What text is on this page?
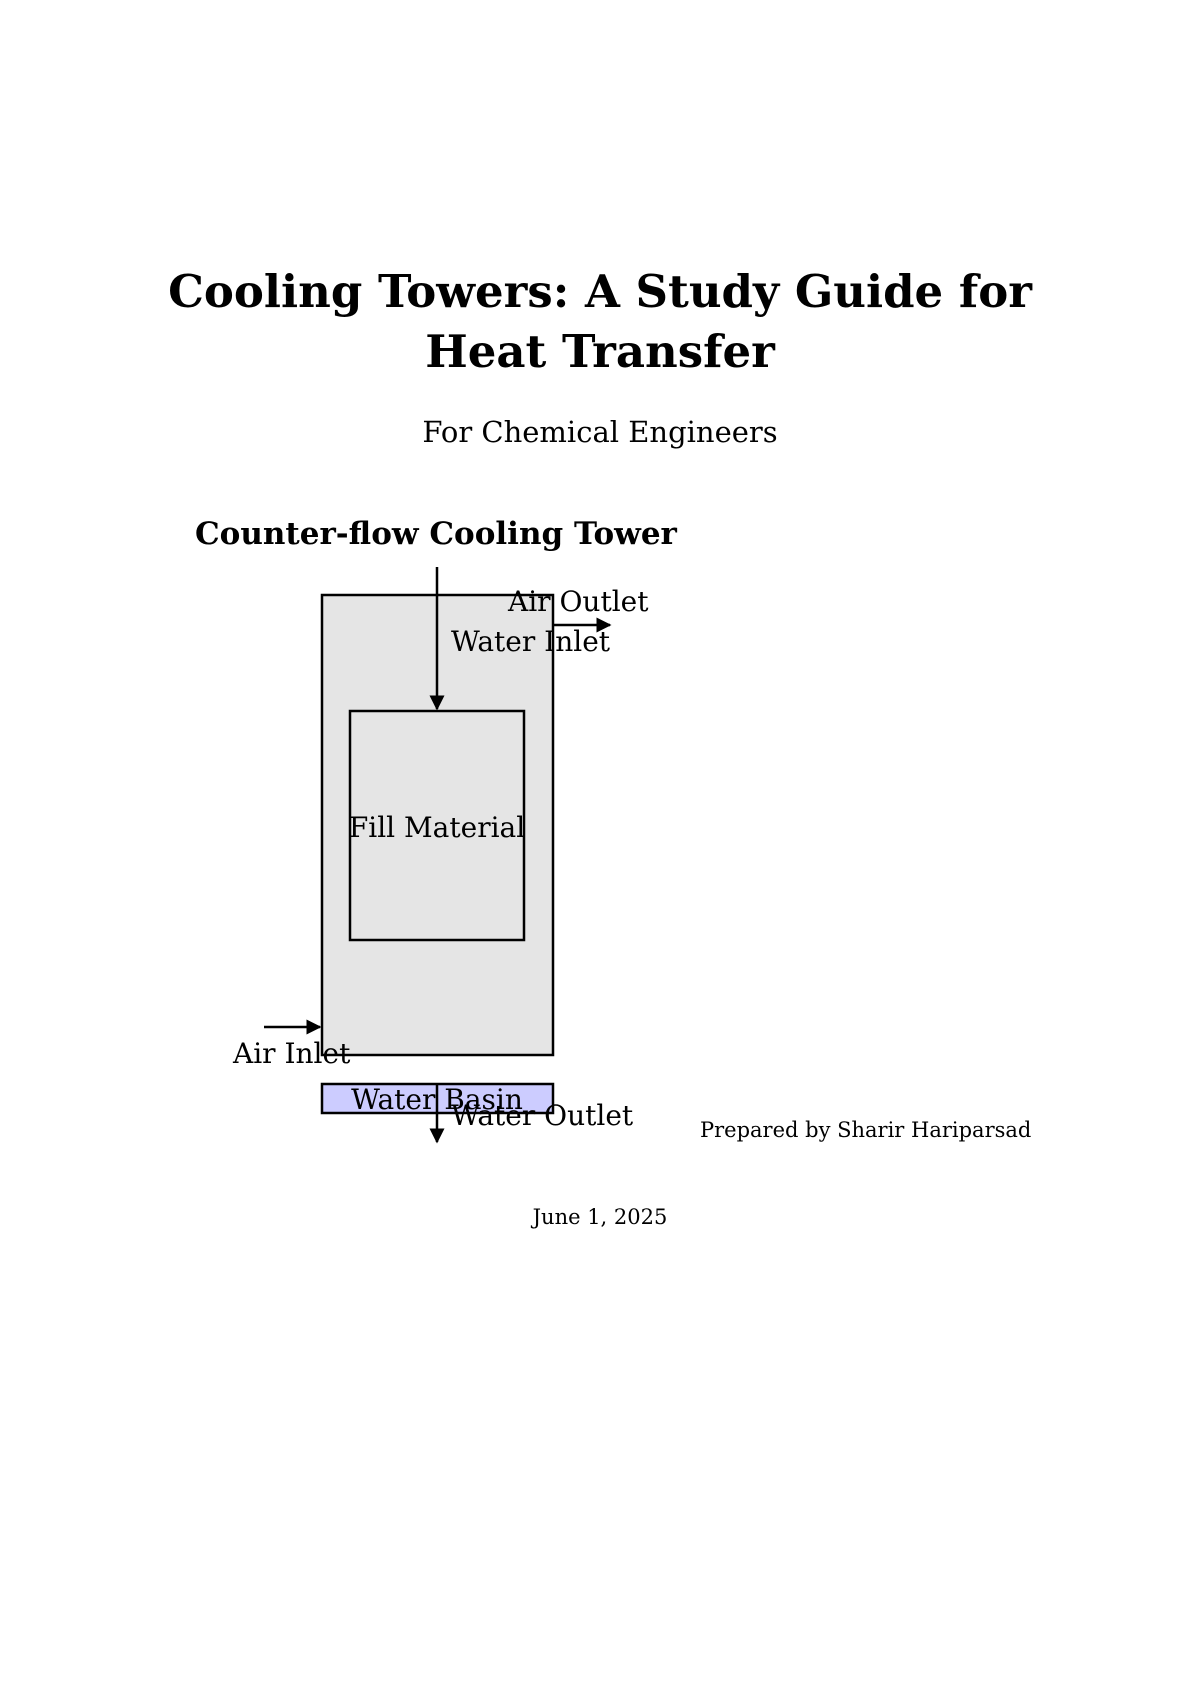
Cooling Towers: A Study Guide for
Heat Transfer
For Chemical Engineers
Counter-flow Cooling Tower
Air Outlet
Water Inlet
Fill Material
Air Inlet
Water Basin
Water Outlet	Prepared by Sharir Hariparsad
June 1, 2025
